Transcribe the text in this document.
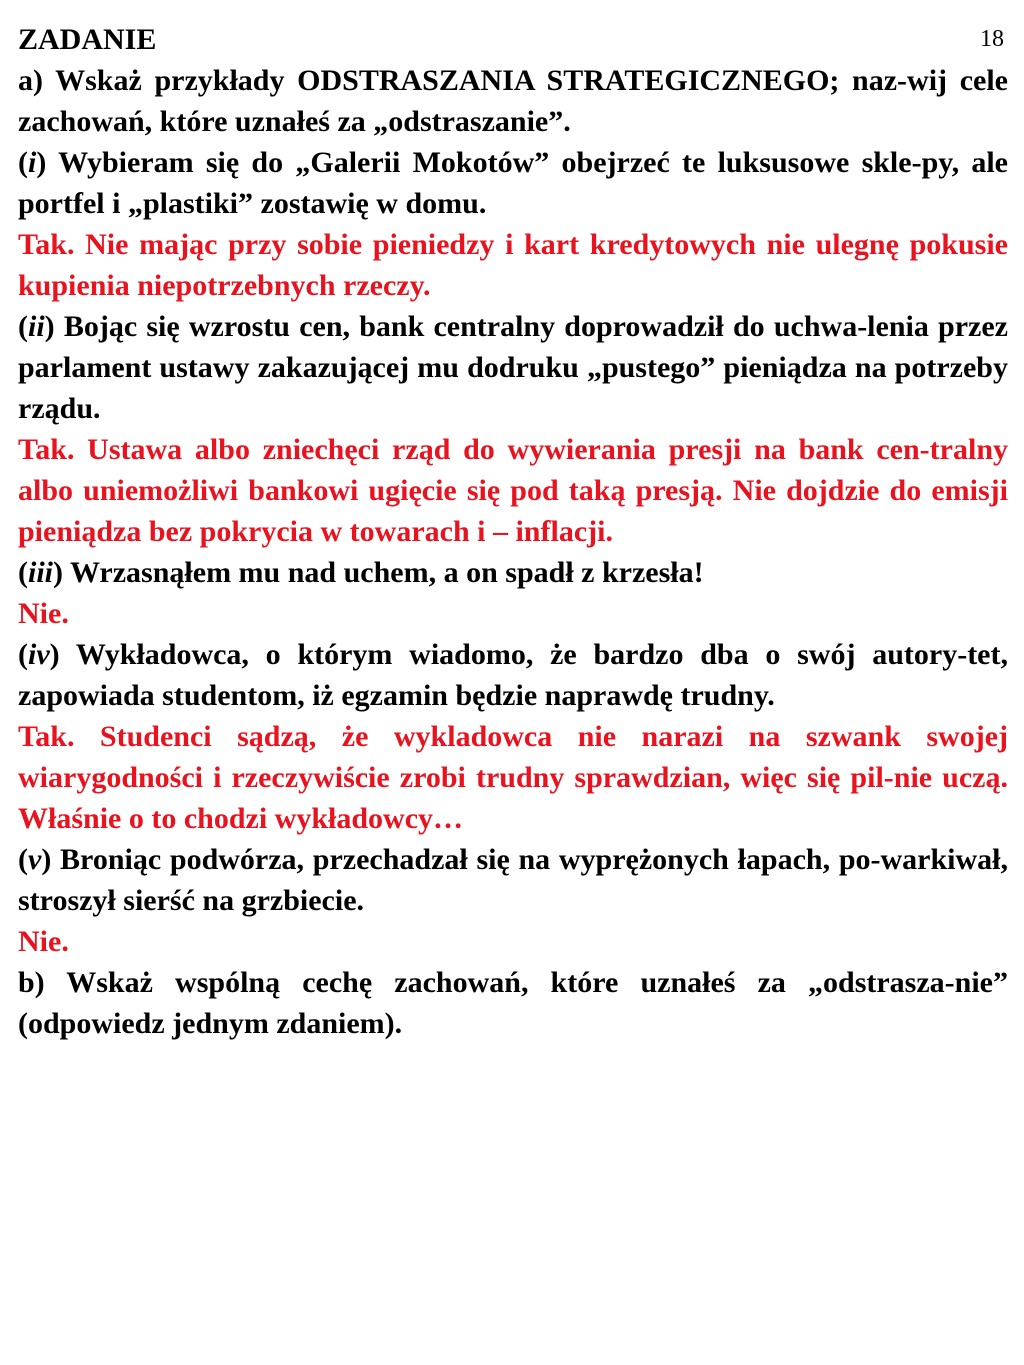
18
ZADANIE

a) Wskaż przykłady ODSTRASZANIA STRATEGICZNEGO; naz-wij cele zachowań, które uznałeś za „odstraszanie”.

(i) Wybieram się do „Galerii Mokotów” obejrzeć te luksusowe skle-py, ale portfel i „plastiki” zostawię w domu.

Tak. Nie mając przy sobie pieniedzy i kart kredytowych nie ulegnę pokusie kupienia niepotrzebnych rzeczy.

(ii) Bojąc się wzrostu cen, bank centralny doprowadził do uchwa-lenia przez parlament ustawy zakazującej mu dodruku „pustego” pieniądza na potrzeby rządu.

Tak. Ustawa albo zniechęci rząd do wywierania presji na bank cen-tralny albo uniemożliwi bankowi ugięcie się pod taką presją. Nie dojdzie do emisji pieniądza bez pokrycia w towarach i – inflacji.

(iii) Wrzasnąłem mu nad uchem, a on spadł z krzesła!

Nie.

(iv) Wykładowca, o którym wiadomo, że bardzo dba o swój autory-tet, zapowiada studentom, iż egzamin będzie naprawdę trudny.

Tak. Studenci sądzą, że wykladowca nie narazi na szwank swojej wiarygodności i rzeczywiście zrobi trudny sprawdzian, więc się pil-nie uczą. Właśnie o to chodzi wykładowcy…

(v) Broniąc podwórza, przechadzał się na wyprężonych łapach, po-warkiwał, stroszył sierść na grzbiecie.

Nie.

b) Wskaż wspólną cechę zachowań, które uznałeś za „odstrasza-nie” (odpowiedz jednym zdaniem).
